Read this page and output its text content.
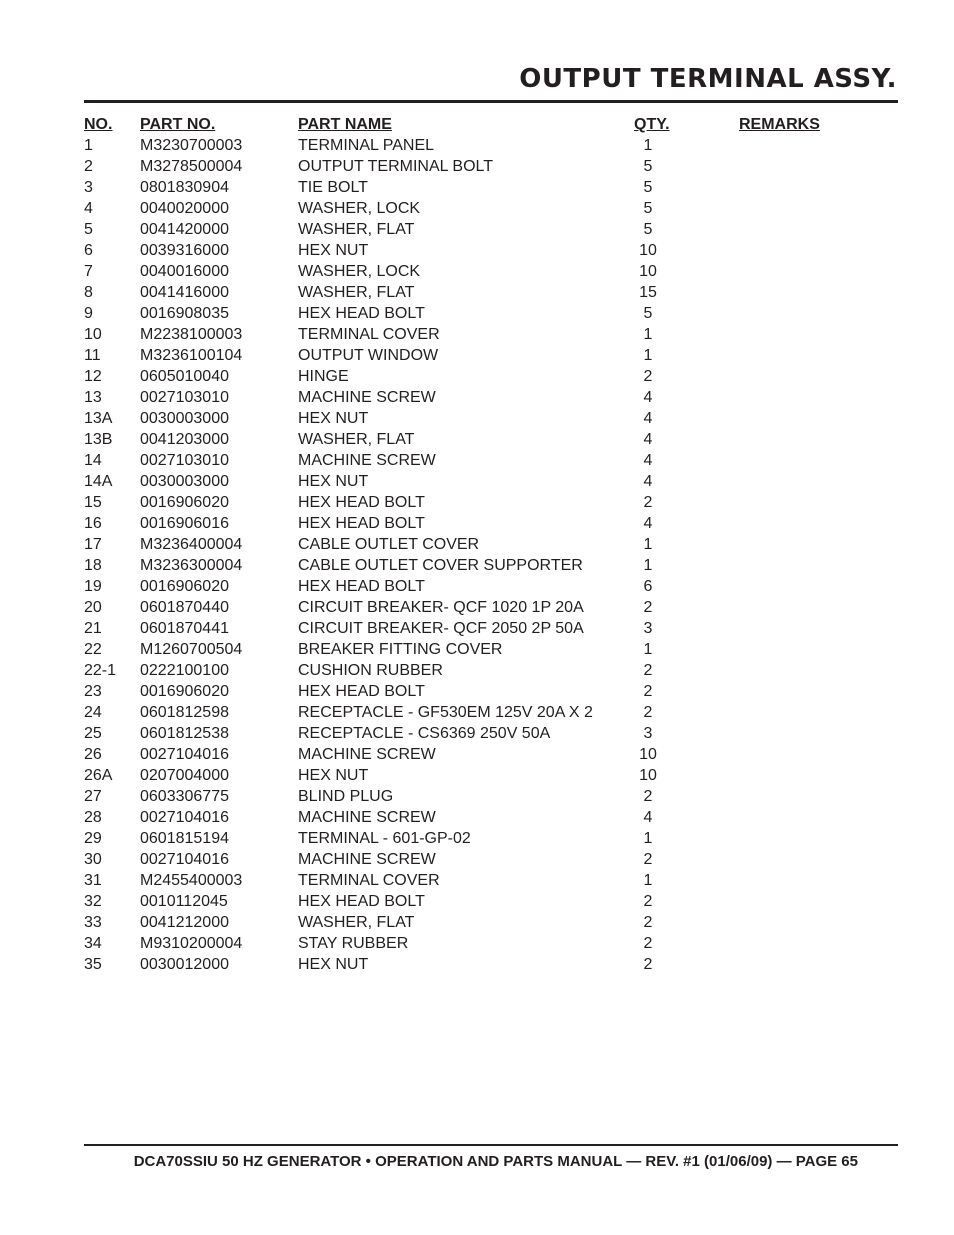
OUTPUT TERMINAL ASSY.
NO. PART NO.	PART NAME	QTY.	REMARKS
1	M3230700003	TERMINAL PANEL	1
2	M3278500004	OUTPUT TERMINAL BOLT	5
3	0801830904	TIE BOLT	5
4	0040020000	WASHER, LOCK	5
5	0041420000	WASHER, FLAT	5
6	0039316000	HEX NUT	10
7	0040016000	WASHER, LOCK	10
8	0041416000	WASHER, FLAT	15
9	0016908035	HEX HEAD BOLT	5
10 M2238100003	TERMINAL COVER	1
11 M3236100104	OUTPUT WINDOW	1
12 0605010040	HINGE	2
13 0027103010	MACHINE SCREW	4
13A 0030003000	HEX NUT	4
13B 0041203000	WASHER, FLAT	4
14 0027103010	MACHINE SCREW	4
14A 0030003000	HEX NUT	4
15 0016906020	HEX HEAD BOLT	2
16 0016906016	HEX HEAD BOLT	4
17 M3236400004	CABLE OUTLET COVER	1
18 M3236300004	CABLE OUTLET COVER SUPPORTER	1
19 0016906020	HEX HEAD BOLT	6
20 0601870440	CIRCUIT BREAKER- QCF 1020 1P 20A	2
21 0601870441	CIRCUIT BREAKER- QCF 2050 2P 50A	3
22 M1260700504	BREAKER FITTING COVER	1
22-1 0222100100	CUSHION RUBBER	2
23 0016906020	HEX HEAD BOLT	2
24 0601812598	RECEPTACLE - GF530EM 125V 20A X 2	2
25 0601812538	RECEPTACLE - CS6369 250V 50A	3
26 0027104016	MACHINE SCREW	10
26A 0207004000	HEX NUT	10
27 0603306775	BLIND PLUG	2
28 0027104016	MACHINE SCREW	4
29 0601815194	TERMINAL - 601-GP-02	1
30 0027104016	MACHINE SCREW	2
31 M2455400003	TERMINAL COVER	1
32 0010112045	HEX HEAD BOLT	2
33 0041212000	WASHER, FLAT	2
34 M9310200004	STAY RUBBER	2
35 0030012000	HEX NUT	2
DCA70SSIU 50 HZ GENERATOR • OPERATION AND PARTS MANUAL — REV. #1 (01/06/09) — PAGE 65
